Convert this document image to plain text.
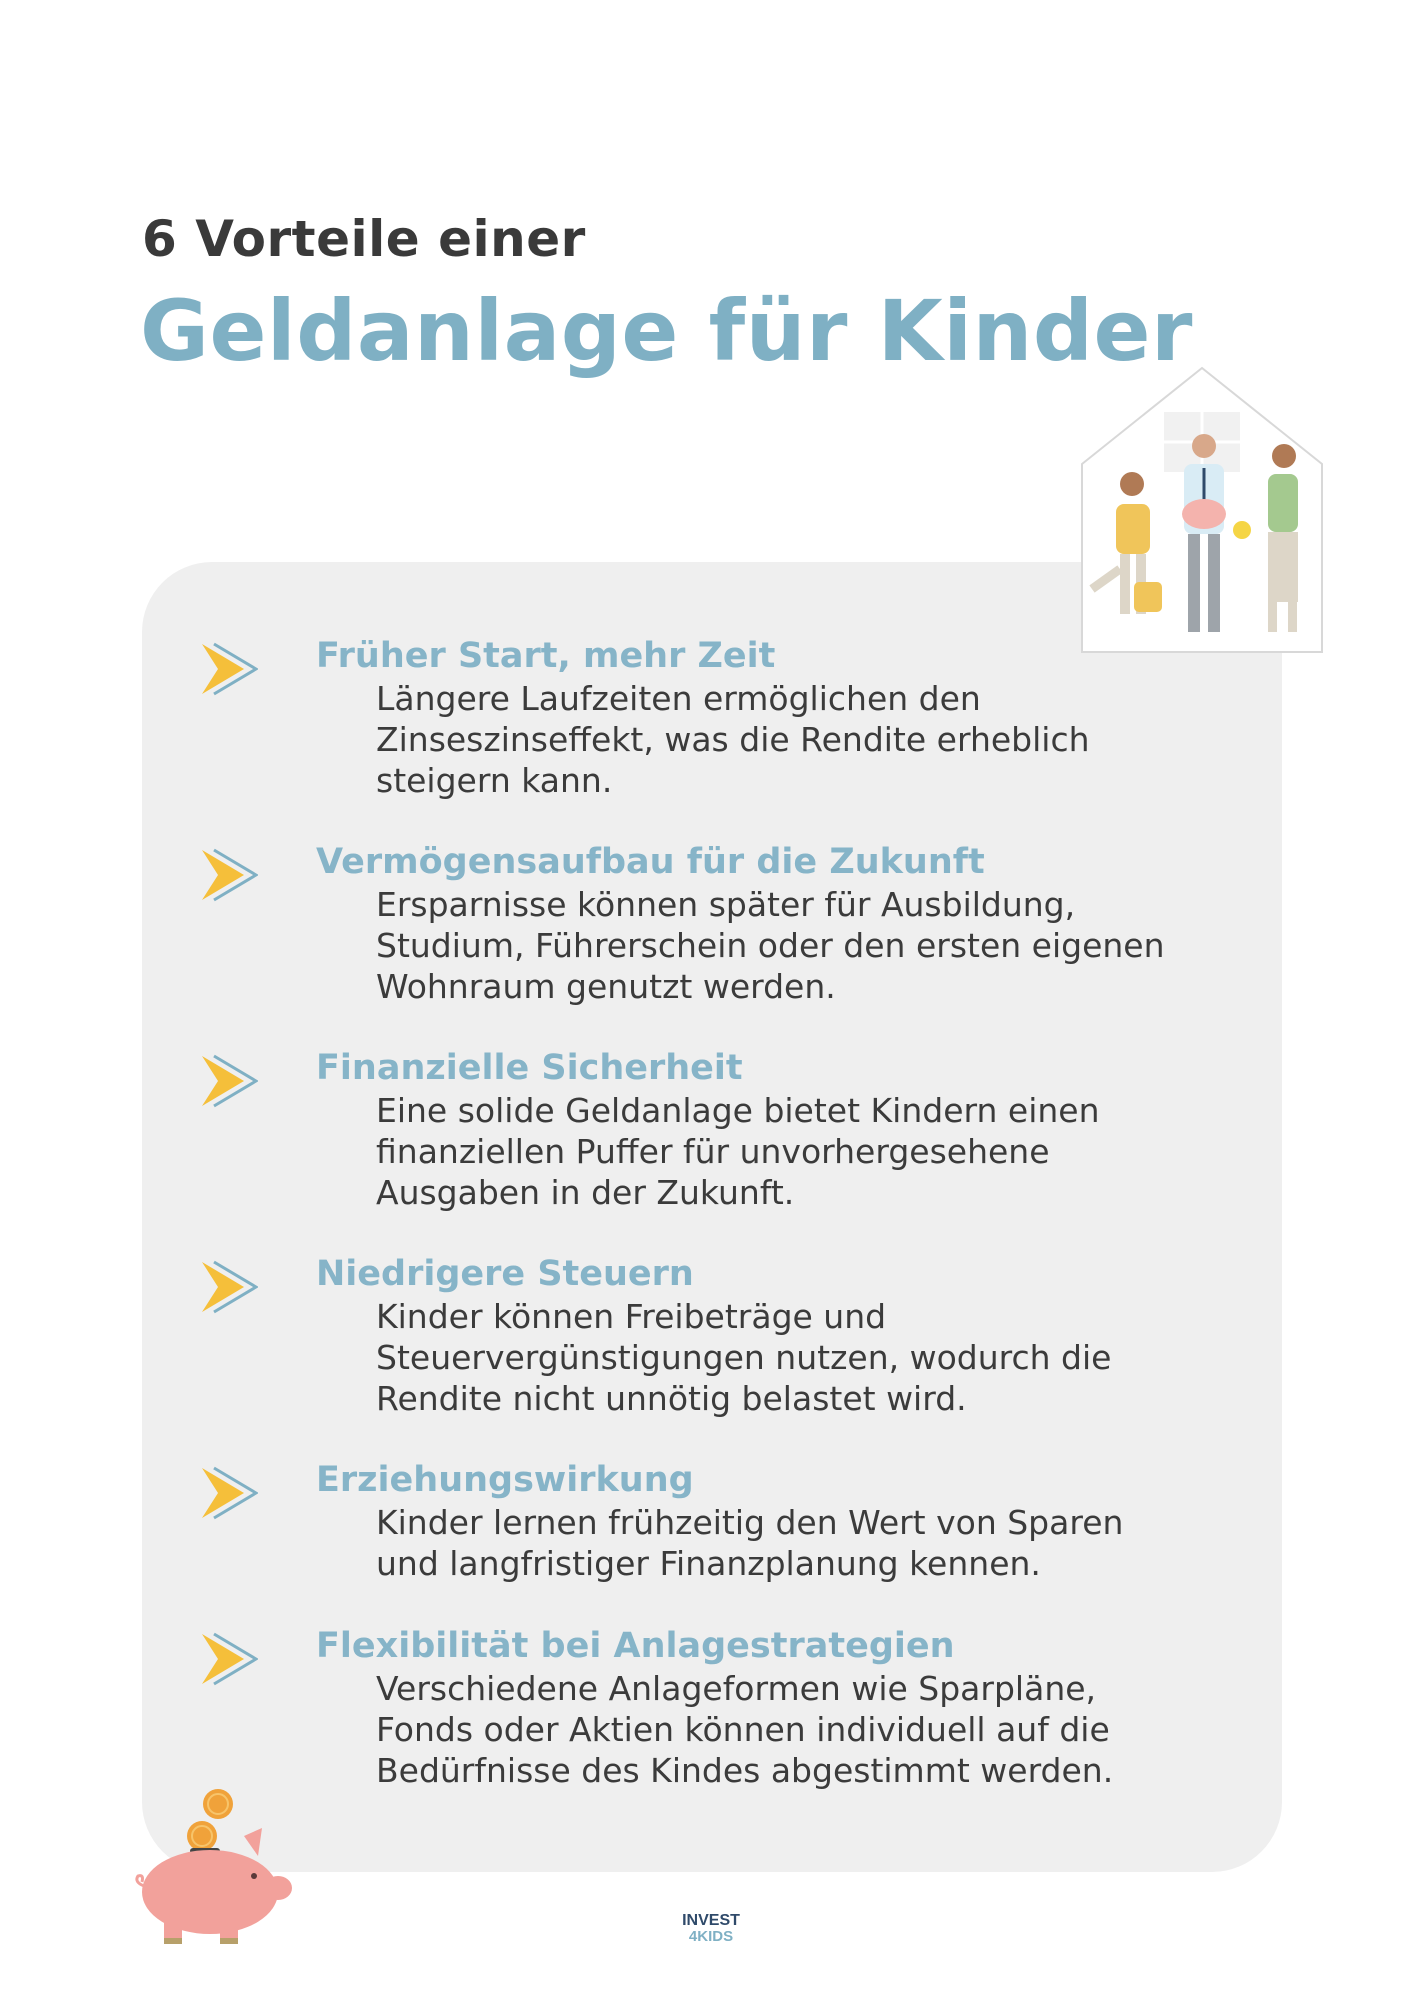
6 Vorteile einer
Geldanlage für Kinder
Früher Start, mehr Zeit
Längere Laufzeiten ermöglichen den Zinseszinseffekt, was die Rendite erheblich steigern kann.
Vermögensaufbau für die Zukunft
Ersparnisse können später für Ausbildung, Studium, Führerschein oder den ersten eigenen Wohnraum genutzt werden.
Finanzielle Sicherheit
Eine solide Geldanlage bietet Kindern einen finanziellen Puffer für unvorhergesehene Ausgaben in der Zukunft.
Niedrigere Steuern
Kinder können Freibeträge und Steuervergünstigungen nutzen, wodurch die Rendite nicht unnötig belastet wird.
Erziehungswirkung
Kinder lernen frühzeitig den Wert von Sparen und langfristiger Finanzplanung kennen.
Flexibilität bei Anlagestrategien
Verschiedene Anlageformen wie Sparpläne, Fonds oder Aktien können individuell auf die Bedürfnisse des Kindes abgestimmt werden.
INVEST
4KIDS
